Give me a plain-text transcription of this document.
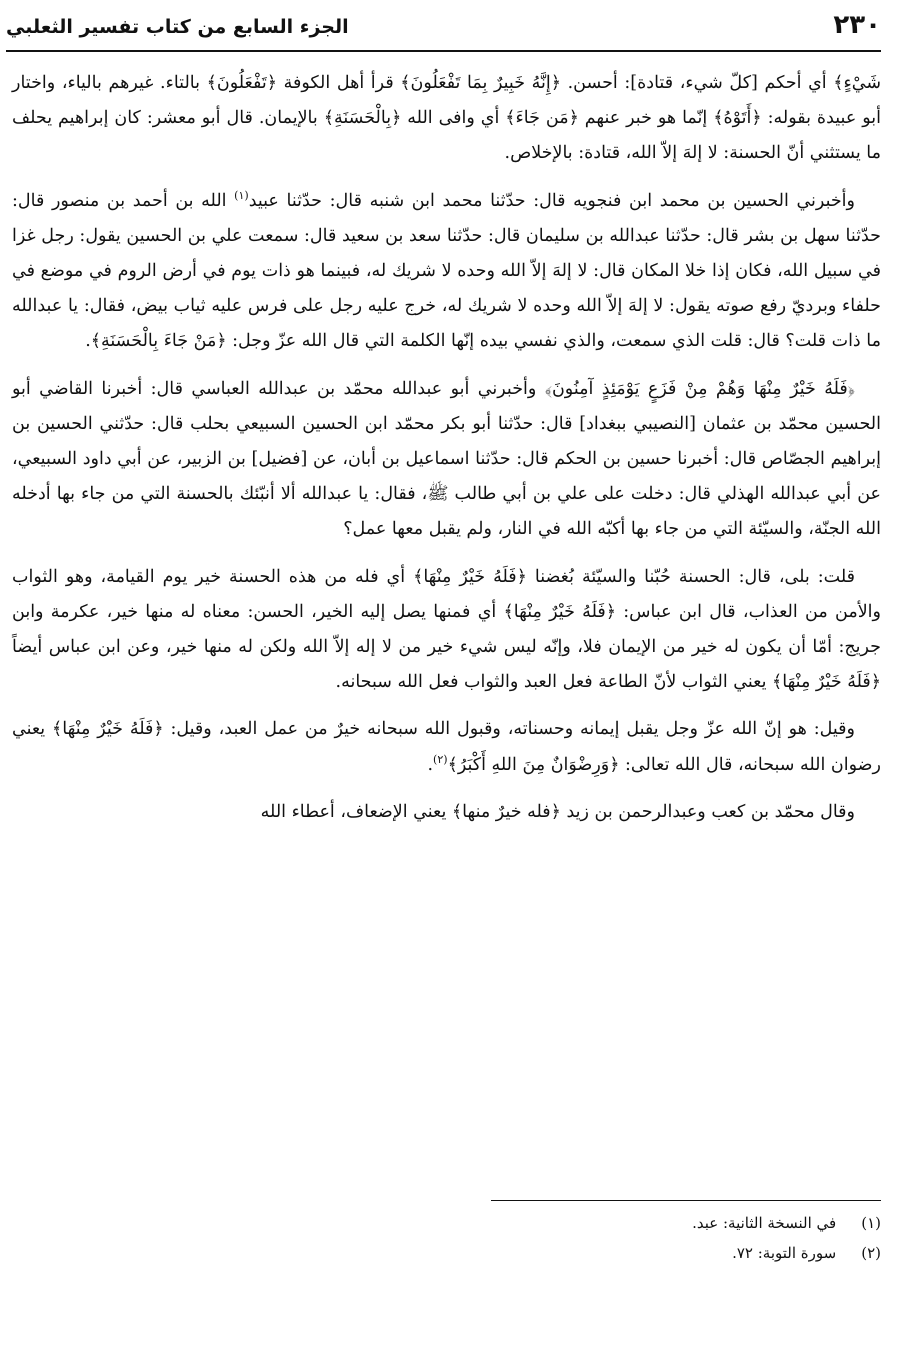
٢٣٠
الجزء السابع من كتاب تفسير الثعلبي

شَيْءٍ﴾ أي أحكم [كلّ شيء، قتادة]: أحسن. ﴿إِنَّهُ خَبِيرٌ بِمَا تَفْعَلُونَ﴾ قرأ أهل الكوفة ﴿تَفْعَلُونَ﴾ بالتاء. غيرهم بالياء، واختار أبو عبيدة بقوله: ﴿أَتَوْهُ﴾ إنّما هو خبر عنهم ﴿مَن جَاءَ﴾ أي وافى الله ﴿بِالْحَسَنَةِ﴾ بالإيمان. قال أبو معشر: كان إبراهيم يحلف ما يستثني أنّ الحسنة: لا إلهَ إلاّ الله، قتادة: بالإخلاص.

وأخبرني الحسين بن محمد ابن فنجويه قال: حدّثنا محمد ابن شنبه قال: حدّثنا عبيد$^{(١)}$ الله بن أحمد بن منصور قال: حدّثنا سهل بن بشر قال: حدّثنا عبدالله بن سليمان قال: حدّثنا سعد بن سعيد قال: سمعت علي بن الحسين يقول: رجل غزا في سبيل الله، فكان إذا خلا المكان قال: لا إلهَ إلاّ الله وحده لا شريك له، فبينما هو ذات يوم في أرض الروم في موضع في حلفاء وبرديّ رفع صوته يقول: لا إلهَ إلاّ الله وحده لا شريك له، خرج عليه رجل على فرس عليه ثياب بيض، فقال: يا عبدالله ما ذات قلت؟ قال: قلت الذي سمعت، والذي نفسي بيده إنّها الكلمة التي قال الله عزّ وجل: ﴿مَنْ جَاءَ بِالْحَسَنَةِ﴾.

﴿فَلَهُ خَيْرٌ مِنْهَا وَهُمْ مِنْ فَزَعٍ يَوْمَئِذٍ آمِنُونَ﴾ وأخبرني أبو عبدالله محمّد بن عبدالله العباسي قال: أخبرنا القاضي أبو الحسين محمّد بن عثمان [النصيبي ببغداد] قال: حدّثنا أبو بكر محمّد ابن الحسين السبيعي بحلب قال: حدّثني الحسين بن إبراهيم الجصّاص قال: أخبرنا حسين بن الحكم قال: حدّثنا اسماعيل بن أبان، عن [فضيل] بن الزبير، عن أبي داود السبيعي، عن أبي عبدالله الهذلي قال: دخلت على علي بن أبي طالب ﷺ، فقال: يا عبدالله ألا أنبّئك بالحسنة التي من جاء بها أدخله الله الجنّة، والسيّئة التي من جاء بها أكبّه الله في النار، ولم يقبل معها عمل؟

قلت: بلى، قال: الحسنة حُبّنا والسيّئة بُغضنا ﴿فَلَهُ خَيْرٌ مِنْهَا﴾ أي فله من هذه الحسنة خير يوم القيامة، وهو الثواب والأمن من العذاب، قال ابن عباس: ﴿فَلَهُ خَيْرٌ مِنْهَا﴾ أي فمنها يصل إليه الخير، الحسن: معناه له منها خير، عكرمة وابن جريج: أمّا أن يكون له خير من الإيمان فلا، وإنّه ليس شيء خير من لا إله إلاّ الله ولكن له منها خير، وعن ابن عباس أيضاً ﴿فَلَهُ خَيْرٌ مِنْهَا﴾ يعني الثواب لأنّ الطاعة فعل العبد والثواب فعل الله سبحانه.

وقيل: هو إنّ الله عزّ وجل يقبل إيمانه وحسناته، وقبول الله سبحانه خيرٌ من عمل العبد، وقيل: ﴿فَلَهُ خَيْرٌ مِنْهَا﴾ يعني رضوان الله سبحانه، قال الله تعالى: ﴿وَرِضْوَانٌ مِنَ اللهِ أَكْبَرُ﴾$^{(٢)}$.

وقال محمّد بن كعب وعبدالرحمن بن زيد ﴿فله خيرٌ منها﴾ يعني الإضعاف، أعطاء الله

(١) في النسخة الثانية: عبد.

(٢) سورة التوبة: ٧٢.
